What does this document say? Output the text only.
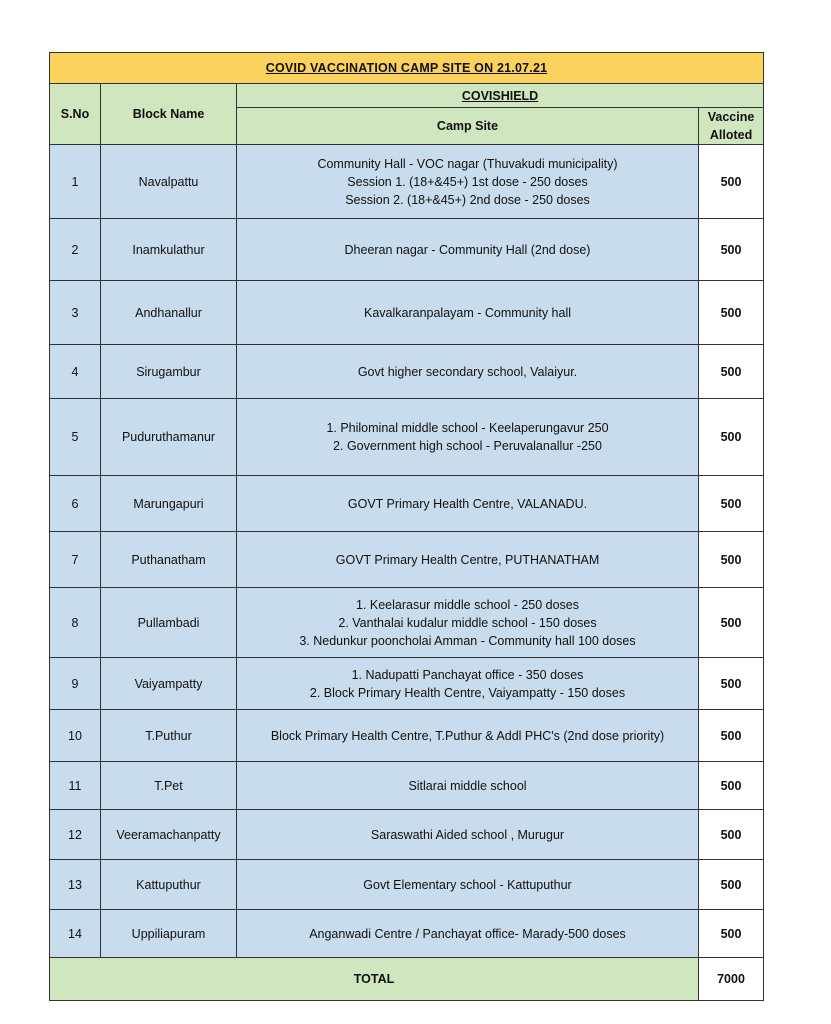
COVID VACCINATION CAMP SITE ON 21.07.21			
S.No	Block Name	COVISHIELD	
		Camp Site	Vaccine Alloted
1	Navalpattu	Community Hall - VOC nagar (Thuvakudi municipality)
Session 1. (18+&45+) 1st dose - 250 doses
Session 2. (18+&45+) 2nd dose - 250 doses	500
2	Inamkulathur	Dheeran nagar - Community Hall (2nd dose)	500
3	Andhanallur	Kavalkaranpalayam - Community hall	500
4	Sirugambur	Govt higher secondary school, Valaiyur.	500
5	Puduruthamanur	1. Philominal middle school - Keelaperungavur 250
2. Government high school - Peruvalanallur -250	500
6	Marungapuri	GOVT Primary Health Centre, VALANADU.	500
7	Puthanatham	GOVT Primary Health Centre, PUTHANATHAM	500
8	Pullambadi	1. Keelarasur middle school - 250 doses
2. Vanthalai kudalur middle school - 150 doses
3. Nedunkur pooncholai Amman - Community hall 100 doses	500
9	Vaiyampatty	1. Nadupatti Panchayat office - 350 doses
2. Block Primary Health Centre, Vaiyampatty - 150 doses	500
10	T.Puthur	Block Primary Health Centre, T.Puthur & Addl PHC's (2nd dose priority)	500
11	T.Pet	Sitlarai middle school	500
12	Veeramachanpatty	Saraswathi Aided school , Murugur	500
13	Kattuputhur	Govt Elementary school - Kattuputhur	500
14	Uppiliapuram	Anganwadi Centre / Panchayat office- Marady-500 doses	500
TOTAL			7000
